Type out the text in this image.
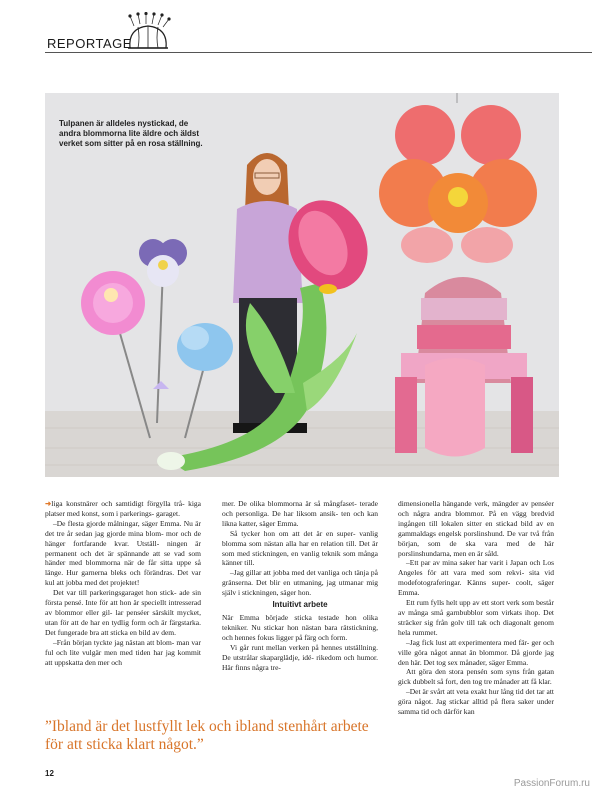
REPORTAGE
Tulpanen är alldeles nystickad, de andra blommorna lite äldre och äldst verket som sitter på en rosa ställning.

➜liga konstnärer och samtidigt förgylla trå- kiga platser med konst, som i parkerings- garaget.

–De flesta gjorde målningar, säger Emma. Nu är det tre år sedan jag gjorde mina blom- mor och de hänger fortfarande kvar. Utställ- ningen är permanent och det är spännande att se vad som händer med blommorna när de får sitta uppe så länge. Hur garnerna bleks och förändras. Det var kul att jobba med det projektet!

Det var till parkeringsgaraget hon stick- ade sin första pensé. Inte för att hon är speciellt intresserad av blommor eller gil- lar penséer särskilt mycket, utan för att de har en tydlig form och är färgstarka. Det fungerade bra att sticka en bild av dem.

–Från början tyckte jag nästan att blom- man var ful och lite vulgär men med tiden har jag kommit att uppskatta den mer och

mer. De olika blommorna är så mångfaset- terade och personliga. De har liksom ansik- ten och kan likna katter, säger Emma.

Så tycker hon om att det är en super- vanlig blomma som nästan alla har en relation till. Det är som med stickningen, en vanlig teknik som många känner till.

–Jag gillar att jobba med det vanliga och tänja på gränserna. Det blir en utmaning, jag utmanar mig själv i stickningen, säger hon.

Intuitivt arbete

När Emma började sticka testade hon olika tekniker. Nu stickar hon nästan bara rätstickning, och hennes fokus ligger på färg och form.

Vi går runt mellan verken på hennes utställning. De utstrålar skaparglädje, idé- rikedom och humor. Här finns några tre-

dimensionella hängande verk, mängder av penséer och några andra blommor. På en vägg bredvid ingången till lokalen sitter en stickad bild av en gammaldags engelsk porslinshund. De var två från början, som de ska vara med de här porslinshundarna, men en är såld.

–Ett par av mina saker har varit i Japan och Los Angeles för att vara med som rekvi- sita vid modefotograferingar. Känns super- coolt, säger Emma.

Ett rum fylls helt upp av ett stort verk som består av många små garnbubblor som virkats ihop. Det sträcker sig från golv till tak och diagonalt genom hela rummet.

–Jag fick lust att experimentera med fär- ger och ville göra något annat än blommor. Då gjorde jag den här. Det tog sex månader, säger Emma.

Att göra den stora pensén som syns från gatan gick dubbelt så fort, den tog tre månader att få klar.

–Det är svårt att veta exakt hur lång tid det tar att göra något. Jag stickar alltid på flera saker under samma tid och därför kan

”Ibland är det lustfyllt lek och ibland stenhårt arbete för att sticka klart något.”
12
PassionForum.ru
